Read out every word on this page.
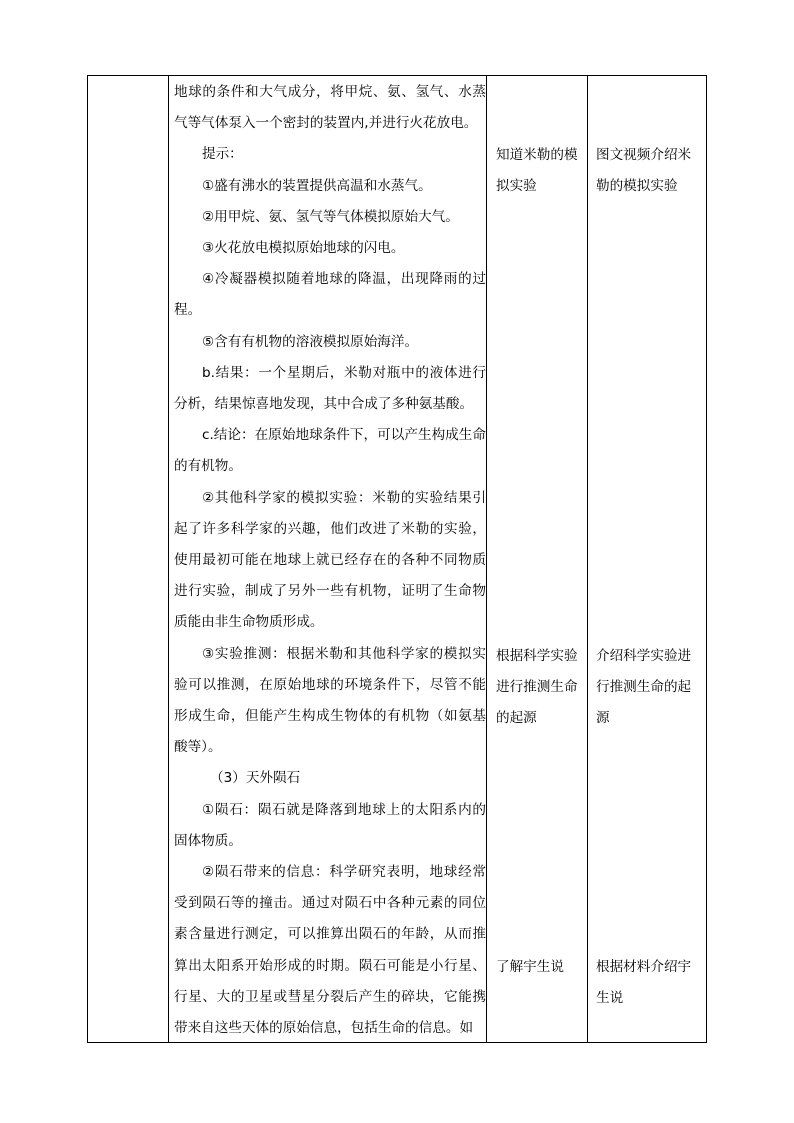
地球的条件和大气成分，将甲烷、氨、氢气、水蒸气等气体泵入一个密封的装置内,并进行火花放电。

提示：

①盛有沸水的装置提供高温和水蒸气。

②用甲烷、氨、氢气等气体模拟原始大气。

③火花放电模拟原始地球的闪电。

④冷凝器模拟随着地球的降温，出现降雨的过程。

⑤含有有机物的溶液模拟原始海洋。

b.结果：一个星期后，米勒对瓶中的液体进行分析，结果惊喜地发现，其中合成了多种氨基酸。

c.结论：在原始地球条件下，可以产生构成生命的有机物。

②其他科学家的模拟实验：米勒的实验结果引起了许多科学家的兴趣，他们改进了米勒的实验，使用最初可能在地球上就已经存在的各种不同物质进行实验，制成了另外一些有机物，证明了生命物质能由非生命物质形成。

③实验推测：根据米勒和其他科学家的模拟实验可以推测，在原始地球的环境条件下，尽管不能形成生命，但能产生构成生物体的有机物（如氨基酸等）。

（3）天外陨石

①陨石：陨石就是降落到地球上的太阳系内的固体物质。

②陨石带来的信息：科学研究表明，地球经常受到陨石等的撞击。通过对陨石中各种元素的同位素含量进行测定，可以推算出陨石的年龄，从而推算出太阳系开始形成的时期。陨石可能是小行星、行星、大的卫星或彗星分裂后产生的碎块，它能携带来自这些天体的原始信息，包括生命的信息。如

知道米勒的模拟实验

根据科学实验进行推测生命的起源

了解宇生说

图文视频介绍米勒的模拟实验

介绍科学实验进行推测生命的起源

根据材料介绍宇生说
